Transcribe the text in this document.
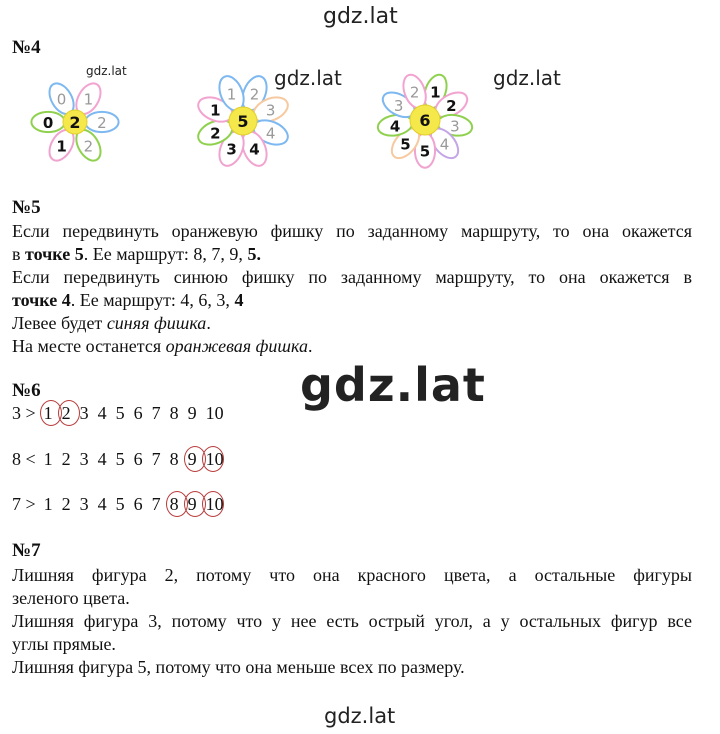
gdz.lat
gdz.lat	gdz.lat	gdz.lat
gdz.lat
gdz.lat
№4
1
2
2
1
0
0
2
2
3
4
4
3
2
1
1
5
1
2
3
4
5
5
4
3
2
6
№5
Если передвинуть оранжевую фишку по заданному маршруту, то она окажется
в точке 5. Ее маршрут: 8, 7, 9, 5.
Если передвинуть синюю фишку по заданному маршруту, то она окажется в
точке 4. Ее маршрут: 4, 6, 3, 4
Левее будет синяя фишка.
На месте останется оранжевая фишка.
№6
3 > 1 2 3 4 5 6 7 8 9 10
8 < 1 2 3 4 5 6 7 8 9 10
7 > 1 2 3 4 5 6 7 8 9 10
№7
Лишняя фигура 2, потому что она красного цвета, а остальные фигуры
зеленого цвета.
Лишняя фигура 3, потому что у нее есть острый угол, а у остальных фигур все
углы прямые.
Лишняя фигура 5, потому что она меньше всех по размеру.
